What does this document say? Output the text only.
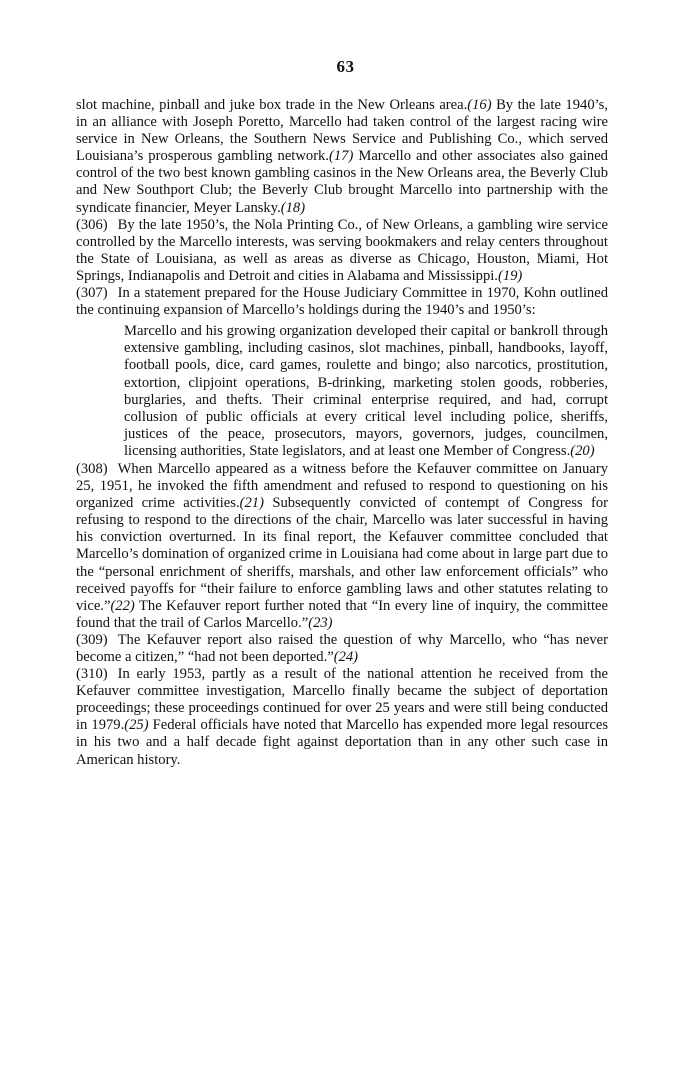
63

slot machine, pinball and juke box trade in the New Orleans area.(16) By the late 1940’s, in an alliance with Joseph Poretto, Marcello had taken control of the largest racing wire service in New Orleans, the Southern News Service and Publishing Co., which served Louisiana’s prosperous gambling network.(17) Marcello and other associates also gained control of the two best known gambling casinos in the New Orleans area, the Beverly Club and New Southport Club; the Beverly Club brought Marcello into partnership with the syndicate financier, Meyer Lansky.(18)

(306) By the late 1950’s, the Nola Printing Co., of New Orleans, a gambling wire service controlled by the Marcello interests, was serving bookmakers and relay centers throughout the State of Louisiana, as well as areas as diverse as Chicago, Houston, Miami, Hot Springs, Indianapolis and Detroit and cities in Alabama and Mississippi.(19)

(307) In a statement prepared for the House Judiciary Committee in 1970, Kohn outlined the continuing expansion of Marcello’s holdings during the 1940’s and 1950’s:

Marcello and his growing organization developed their capital or bankroll through extensive gambling, including casinos, slot machines, pinball, handbooks, layoff, football pools, dice, card games, roulette and bingo; also narcotics, prostitution, extortion, clipjoint operations, B-drinking, marketing stolen goods, robberies, burglaries, and thefts. Their criminal enterprise required, and had, corrupt collusion of public officials at every critical level including police, sheriffs, justices of the peace, prosecutors, mayors, governors, judges, councilmen, licensing authorities, State legislators, and at least one Member of Congress.(20)

(308) When Marcello appeared as a witness before the Kefauver committee on January 25, 1951, he invoked the fifth amendment and refused to respond to questioning on his organized crime activities.(21) Subsequently convicted of contempt of Congress for refusing to respond to the directions of the chair, Marcello was later successful in having his conviction overturned. In its final report, the Kefauver committee concluded that Marcello’s domination of organized crime in Louisiana had come about in large part due to the “personal enrichment of sheriffs, marshals, and other law enforcement officials” who received payoffs for “their failure to enforce gambling laws and other statutes relating to vice.”(22) The Kefauver report further noted that “In every line of inquiry, the committee found that the trail of Carlos Marcello.”(23)

(309) The Kefauver report also raised the question of why Marcello, who “has never become a citizen,” “had not been deported.”(24)

(310) In early 1953, partly as a result of the national attention he received from the Kefauver committee investigation, Marcello finally became the subject of deportation proceedings; these proceedings continued for over 25 years and were still being conducted in 1979.(25) Federal officials have noted that Marcello has expended more legal resources in his two and a half decade fight against deportation than in any other such case in American history.
